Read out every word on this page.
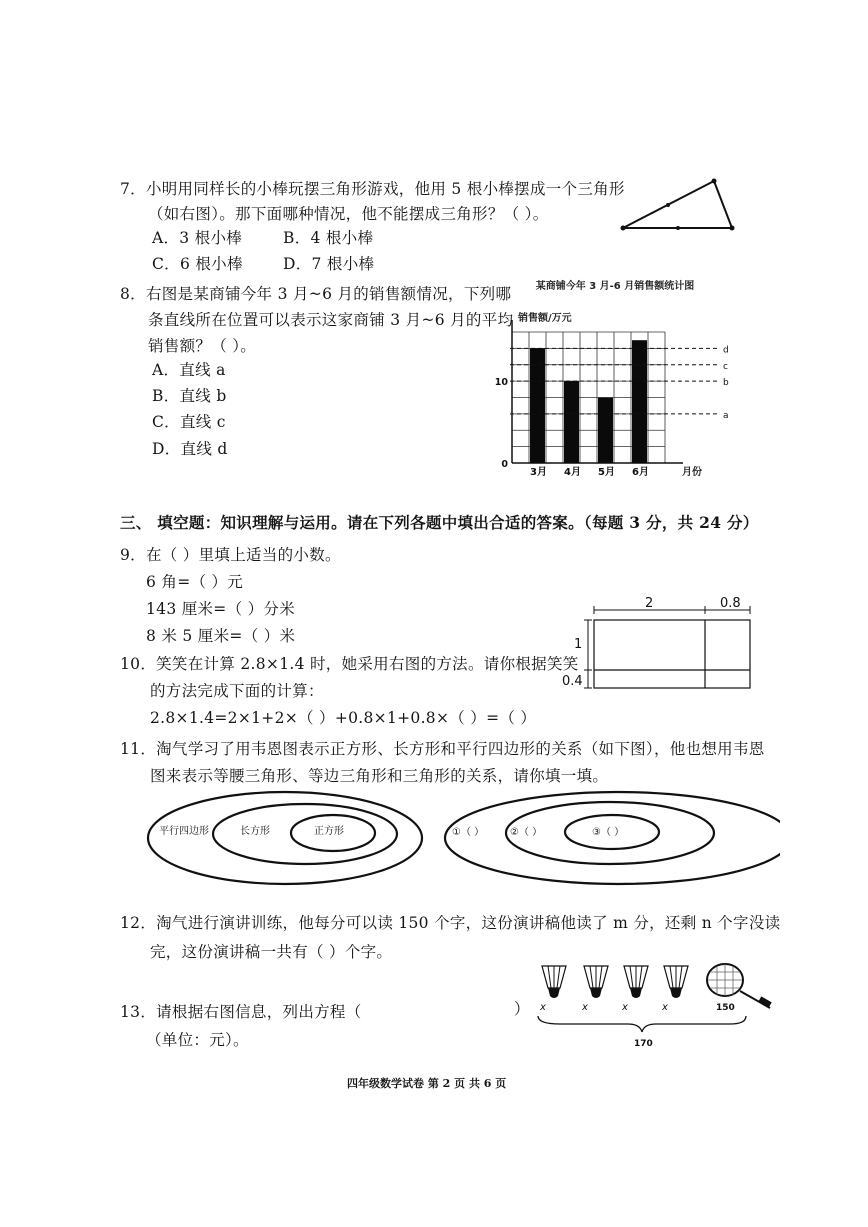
7．小明用同样长的小棒玩摆三角形游戏，他用 5 根小棒摆成一个三角形
（如右图）。那下面哪种情况，他不能摆成三角形？（ ）。
A．3 根小棒	B．4 根小棒
C．6 根小棒	D．7 根小棒
8．右图是某商铺今年 3 月~6 月的销售额情况，下列哪
条直线所在位置可以表示这家商铺 3 月~6 月的平均
销售额？（ ）。
A．直线 a
B．直线 b
C．直线 c
D．直线 d
某商铺今年 3 月-6 月销售额统计图
销售额/万元
月份
a
b
c
d
3月 4月 5月 6月
0
10
三、 填空题：知识理解与运用。请在下列各题中填出合适的答案。（每题 3 分，共 24 分）
9．在（ ）里填上适当的小数。
6 角=（ ）元
143 厘米=（ ）分米
8 米 5 厘米=（ ）米
10．笑笑在计算 2.8×1.4 时，她采用右图的方法。请你根据笑笑
的方法完成下面的计算：
2.8×1.4=2×1+2×（ ）+0.8×1+0.8×（ ）=（ ）
2	0.8
1
0.4
11．淘气学习了用韦恩图表示正方形、长方形和平行四边形的关系（如下图），他也想用韦恩
图来表示等腰三角形、等边三角形和三角形的关系，请你填一填。
平行四边形	长方形	正方形	①（ ）	②（ ）	③（ ）
12．淘气进行演讲训练，他每分可以读 150 个字，这份演讲稿他读了 m 分，还剩 n 个字没读
完，这份演讲稿一共有（ ）个字。
13．请根据右图信息，列出方程（	）
（单位：元）。
x	x	x	x	150
170
四年级数学试卷 第 2 页 共 6 页
